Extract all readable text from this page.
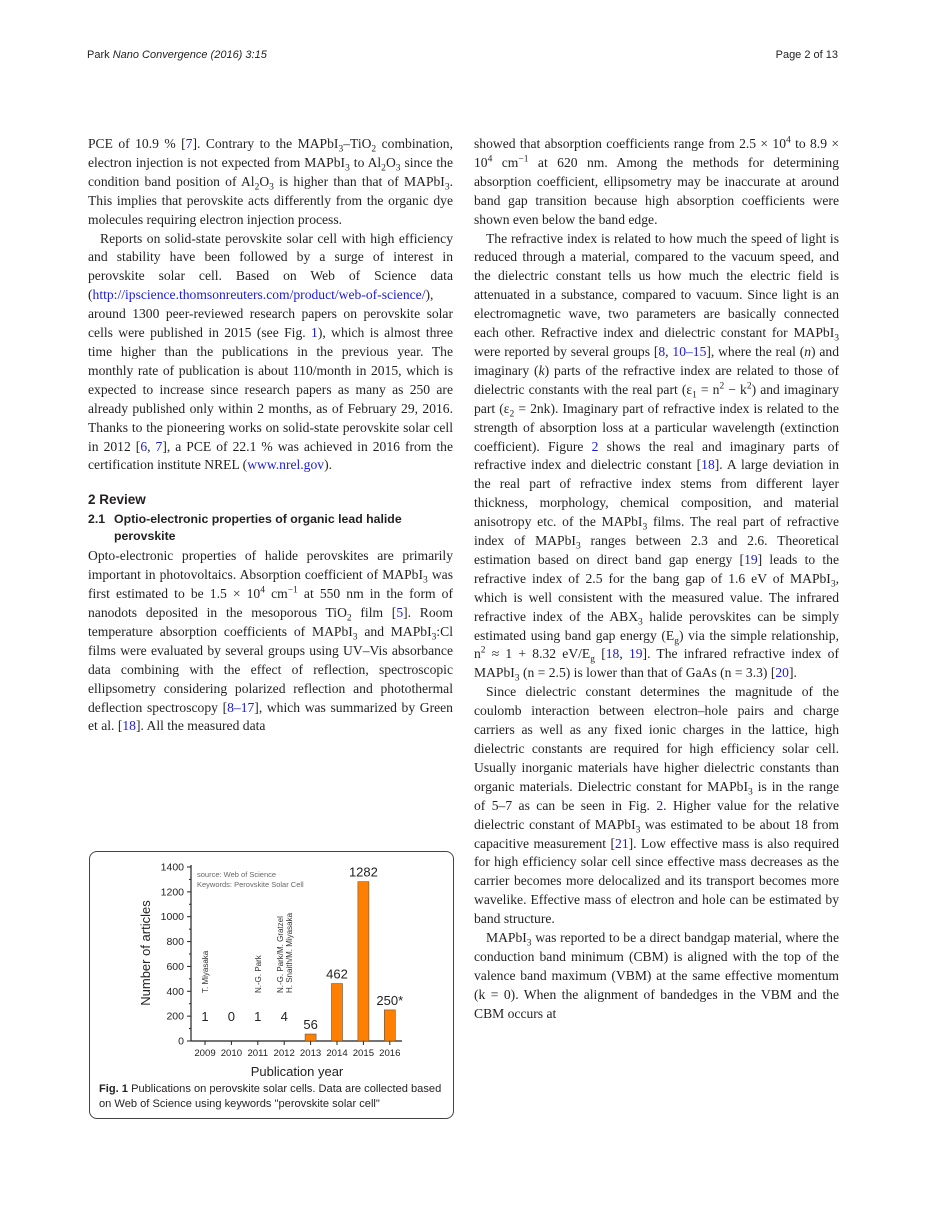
Park Nano Convergence (2016) 3:15	Page 2 of 13

PCE of 10.9 % [7]. Contrary to the MAPbI$_3$–TiO$_2$ combination, electron injection is not expected from MAPbI$_3$ to $Al_2O_3$ since the condition band position of $Al_2O_3$ is higher than that of MAPbI$_3$. This implies that perovskite acts differently from the organic dye molecules requiring electron injection process.

Reports on solid-state perovskite solar cell with high efficiency and stability have been followed by a surge of interest in perovskite solar cell. Based on Web of Science data (http://ipscience.thomsonreuters.com/product/web-of-science/), around 1300 peer-reviewed research papers on perovskite solar cells were published in 2015 (see Fig. 1), which is almost three time higher than the publications in the previous year. The monthly rate of publication is about 110/month in 2015, which is expected to increase since research papers as many as 250 are already published only within 2 months, as of February 29, 2016. Thanks to the pioneering works on solid-state perovskite solar cell in 2012 [6, 7], a PCE of 22.1 % was achieved in 2016 from the certification institute NREL (www.nrel.gov).

2 Review
2.1 Optio-electronic properties of organic lead halide perovskite

Opto-electronic properties of halide perovskites are primarily important in photovoltaics. Absorption coefficient of MAPbI$_3$ was first estimated to be $1.5 \times 10^4$ $cm^{-1}$ at 550 nm in the form of nanodots deposited in the mesoporous TiO$_2$ film [5]. Room temperature absorption coefficients of MAPbI$_3$ and MAPbI$_3$:Cl films were evaluated by several groups using UV–Vis absorbance data combining with the effect of reflection, spectroscopic ellipsometry considering polarized reflection and photothermal deflection spectroscopy [8–17], which was summarized by Green et al. [18]. All the measured data

0
200
400
600
800
1000
1200
1400
2009 2010 2011 2012 2013 2014 2015 2016
Number of articles
Publication year
source: Web of Science
Keywords: Perovskite Solar Cell
1 0 1 4
56
462
1282
250*
T. Miyasaka	N.-G. Park N.-G. Park/M. Gratzel H. Snaith/M. Miyasaka
Fig. 1 Publications on perovskite solar cells. Data are collected based on Web of Science using keywords "perovskite solar cell"

showed that absorption coefficients range from $2.5 \times 10^4$ to $8.9 \times 10^4$ $cm^{-1}$ at 620 nm. Among the methods for determining absorption coefficient, ellipsometry may be inaccurate at around band gap transition because high absorption coefficients were shown even below the band edge.

The refractive index is related to how much the speed of light is reduced through a material, compared to the vacuum speed, and the dielectric constant tells us how much the electric field is attenuated in a substance, compared to vacuum. Since light is an electromagnetic wave, two parameters are basically connected each other. Refractive index and dielectric constant for MAPbI$_3$ were reported by several groups [8, 10–15], where the real (n) and imaginary (k) parts of the refractive index are related to those of dielectric constants with the real part $(\varepsilon_1 = n^2 - k^2)$ and imaginary part $(\varepsilon_2 = 2nk)$. Imaginary part of refractive index is related to the strength of absorption loss at a particular wavelength (extinction coefficient). Figure 2 shows the real and imaginary parts of refractive index and dielectric constant [18]. A large deviation in the real part of refractive index stems from different layer thickness, morphology, chemical composition, and material anisotropy etc. of the MAPbI$_3$ films. The real part of refractive index of MAPbI$_3$ ranges between 2.3 and 2.6. Theoretical estimation based on direct band gap energy [19] leads to the refractive index of 2.5 for the bang gap of 1.6 eV of MAPbI$_3$, which is well consistent with the measured value. The infrared refractive index of the $ABX_3$ halide perovskites can be simply estimated using band gap energy $(E_g)$ via the simple relationship, $n^2 \approx 1 + 8.32$ $eV/E_g$ [18, 19]. The infrared refractive index of MAPbI$_3$ (n = 2.5) is lower than that of GaAs (n = 3.3) [20].

Since dielectric constant determines the magnitude of the coulomb interaction between electron–hole pairs and charge carriers as well as any fixed ionic charges in the lattice, high dielectric constants are required for high efficiency solar cell. Usually inorganic materials have higher dielectric constants than organic materials. Dielectric constant for MAPbI$_3$ is in the range of 5–7 as can be seen in Fig. 2. Higher value for the relative dielectric constant of MAPbI$_3$ was estimated to be about 18 from capacitive measurement [21]. Low effective mass is also required for high efficiency solar cell since effective mass decreases as the carrier becomes more delocalized and its transport becomes more wavelike. Effective mass of electron and hole can be estimated by band structure.

MAPbI$_3$ was reported to be a direct bandgap material, where the conduction band minimum (CBM) is aligned with the top of the valence band maximum (VBM) at the same effective momentum (k = 0). When the alignment of bandedges in the VBM and the CBM occurs at
